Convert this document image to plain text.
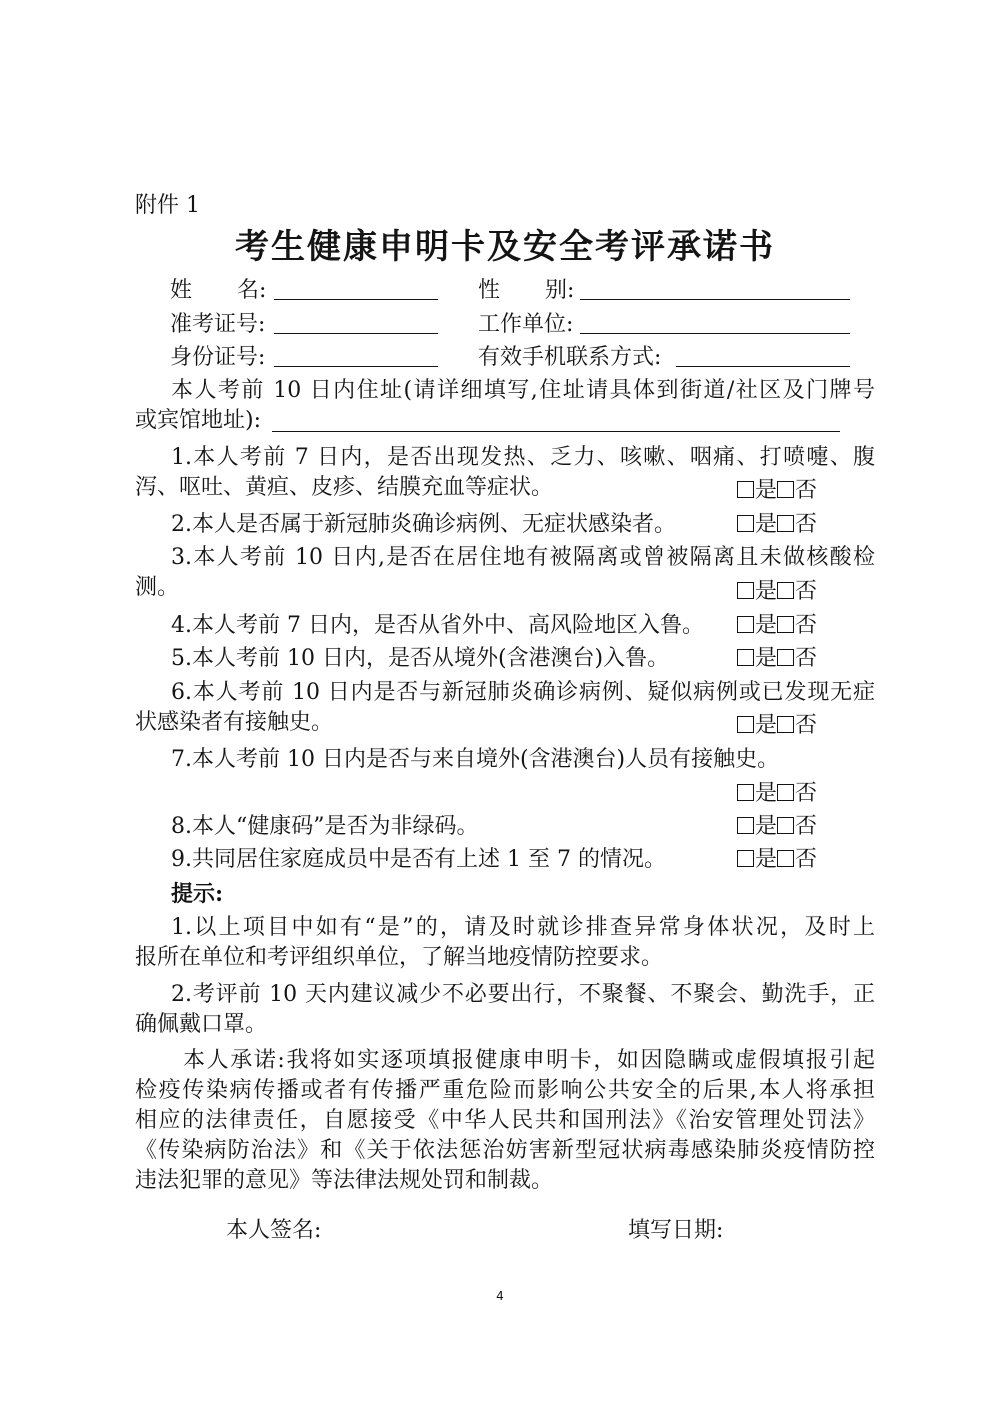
附件 1
考生健康申明卡及安全考评承诺书
姓 名:	性 别:
准考证号:	工作单位:
身份证号:	有效手机联系方式:
本人考前 10 日内住址(请详细填写,住址请具体到街道/社区及门牌号
或宾馆地址):
1.本人考前 7 日内，是否出现发热、乏力、咳嗽、咽痛、打喷嚏、腹
泻、呕吐、黄疸、皮疹、结膜充血等症状。	是 否
2.本人是否属于新冠肺炎确诊病例、无症状感染者。	是 否
3.本人考前 10 日内,是否在居住地有被隔离或曾被隔离且未做核酸检
测。	是 否
4.本人考前 7 日内，是否从省外中、高风险地区入鲁。	是 否
5.本人考前 10 日内，是否从境外(含港澳台)入鲁。	是 否
6.本人考前 10 日内是否与新冠肺炎确诊病例、疑似病例或已发现无症
状感染者有接触史。	是 否
7.本人考前 10 日内是否与来自境外(含港澳台)人员有接触史。
是 否
8.本人“健康码”是否为非绿码。	是 否
9.共同居住家庭成员中是否有上述 1 至 7 的情况。	是 否
提示:
1.以上项目中如有“是”的，请及时就诊排查异常身体状况，及时上
报所在单位和考评组织单位，了解当地疫情防控要求。
2.考评前 10 天内建议减少不必要出行，不聚餐、不聚会、勤洗手，正
确佩戴口罩。
本人承诺:我将如实逐项填报健康申明卡，如因隐瞒或虚假填报引起
检疫传染病传播或者有传播严重危险而影响公共安全的后果,本人将承担
相应的法律责任，自愿接受《中华人民共和国刑法》《治安管理处罚法》
《传染病防治法》和《关于依法惩治妨害新型冠状病毒感染肺炎疫情防控
违法犯罪的意见》等法律法规处罚和制裁。
本人签名:	填写日期:
4
